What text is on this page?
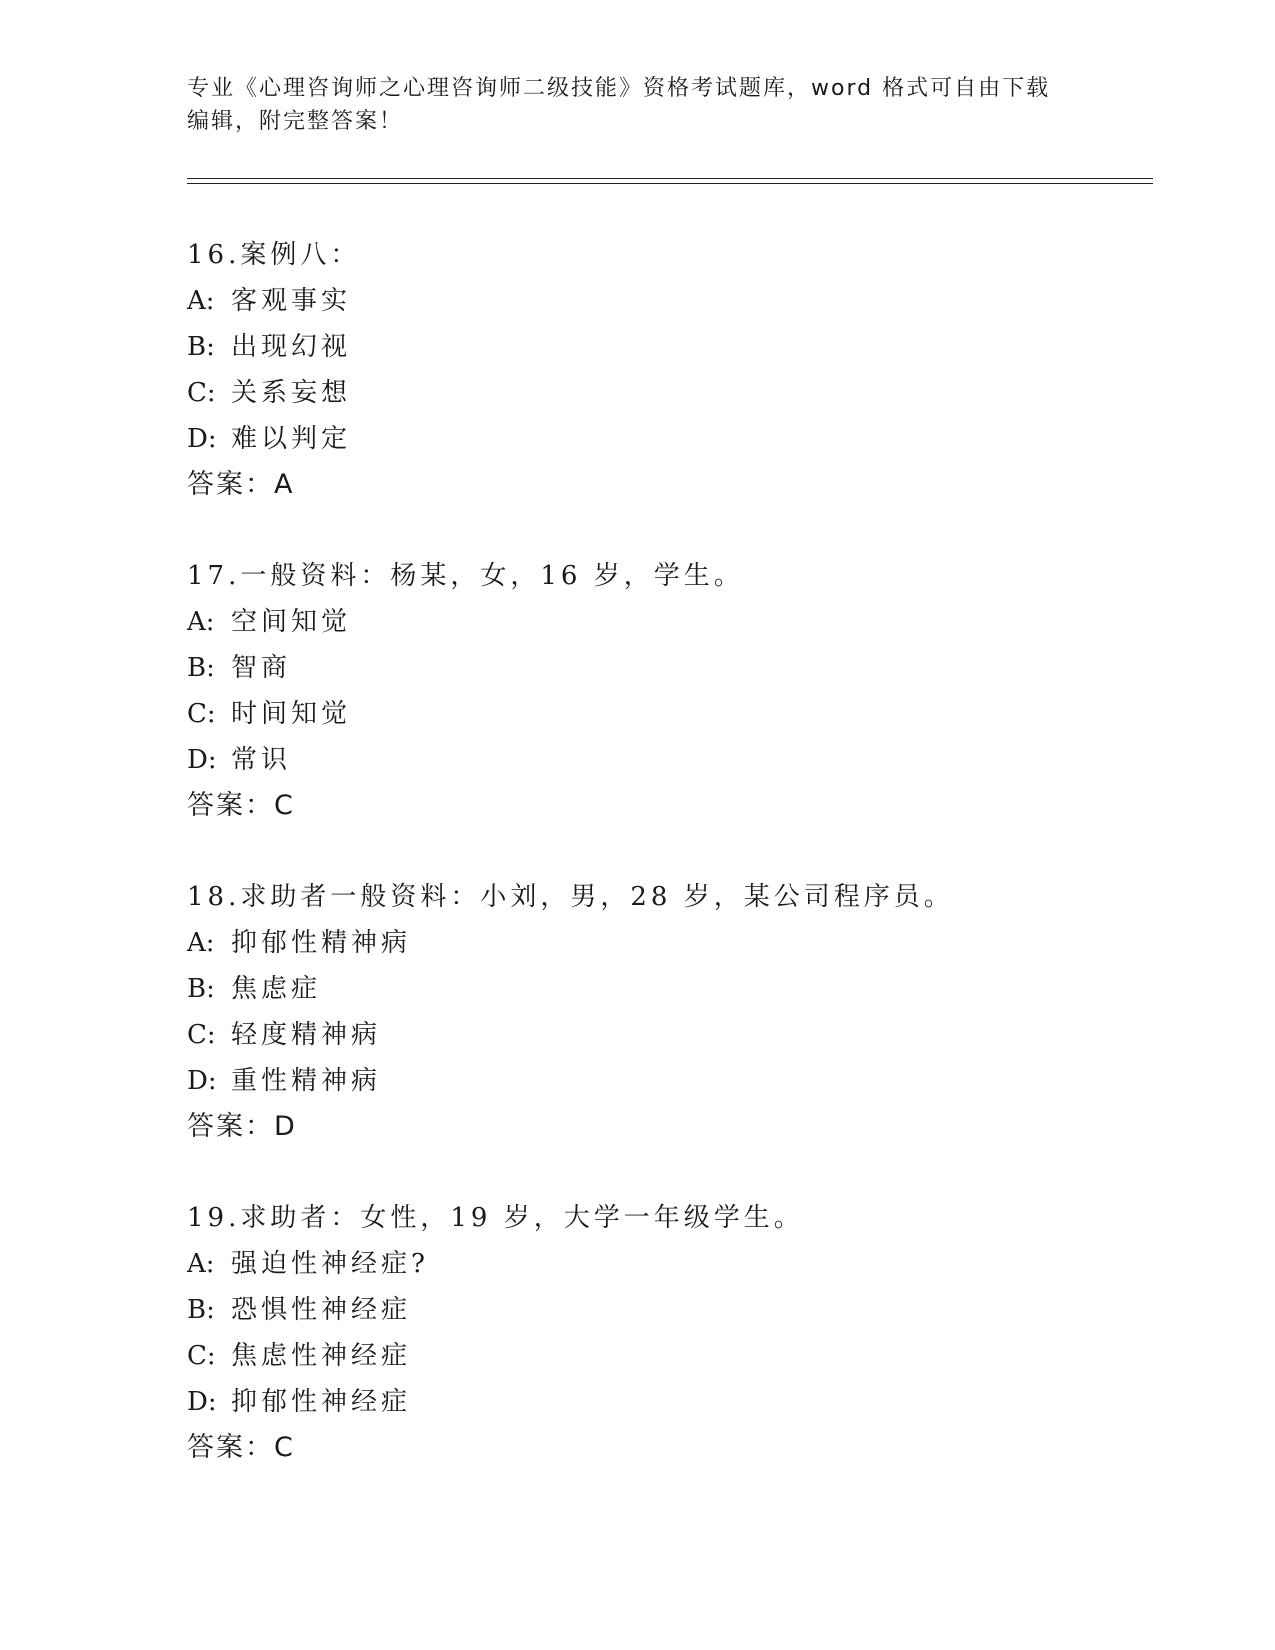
专业《心理咨询师之心理咨询师二级技能》资格考试题库，word 格式可自由下载
编辑，附完整答案！
16.案例八：
A: 客观事实
B: 出现幻视
C: 关系妄想
D: 难以判定
答案：A
17.一般资料：杨某，女，16 岁，学生。
A: 空间知觉
B: 智商
C: 时间知觉
D: 常识
答案：C
18.求助者一般资料：小刘，男，28 岁，某公司程序员。
A: 抑郁性精神病
B: 焦虑症
C: 轻度精神病
D: 重性精神病
答案：D
19.求助者：女性，19 岁，大学一年级学生。
A: 强迫性神经症?
B: 恐惧性神经症
C: 焦虑性神经症
D: 抑郁性神经症
答案：C
